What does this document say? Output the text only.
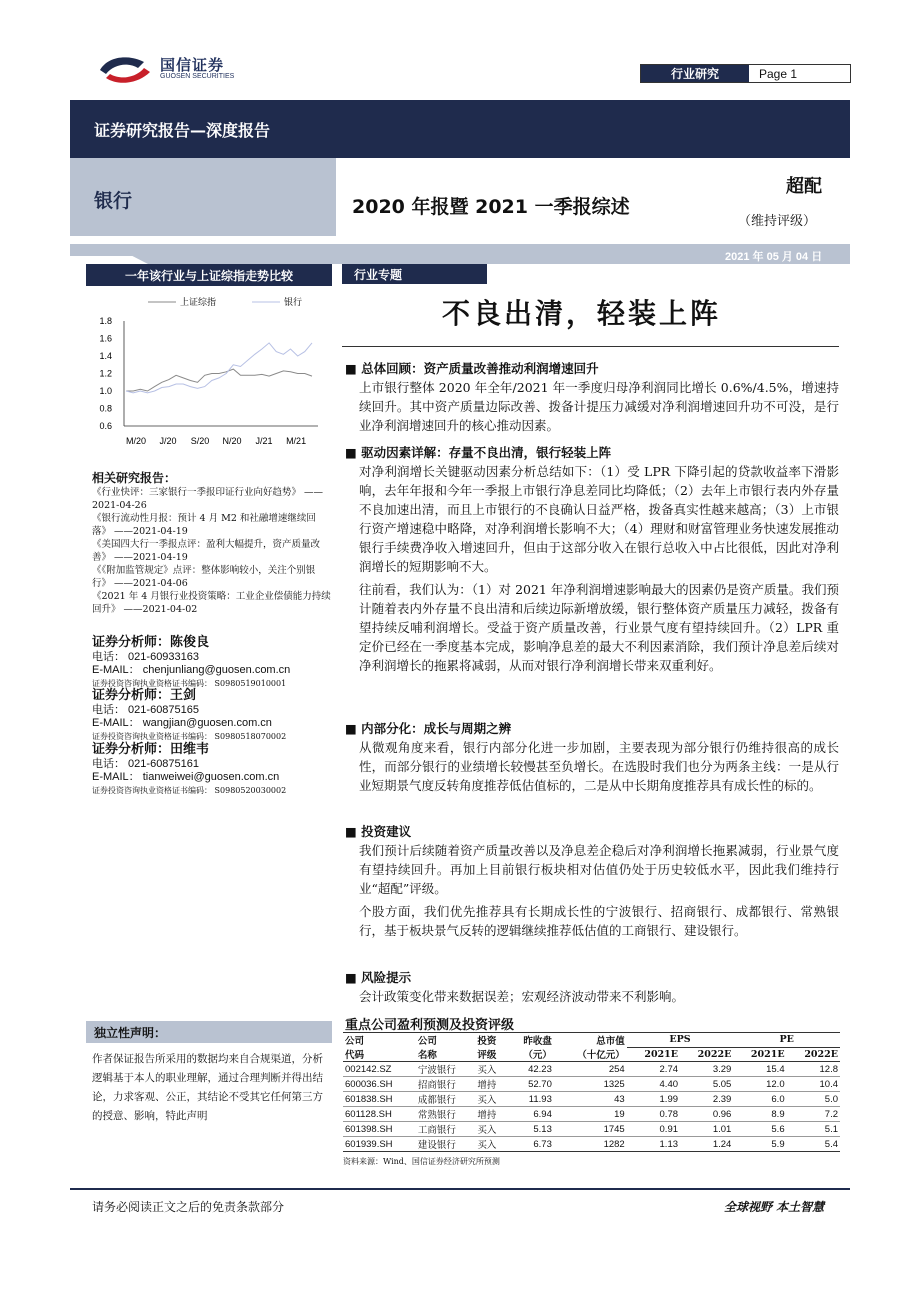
国信证券
GUOSEN SECURITIES	行业研究	Page 1
证券研究报告—深度报告
银行	2020 年报暨 2021 一季报综述
超配
（维持评级）
2021 年 05 月 04 日
一年该行业与上证综指走势比较	行业专题
不良出清，轻装上阵
上证综指	银行
1.8
1.6
1.4
1.2
1.0
0.8
0.6
M/20 J/20 S/20 N/20 J/21 M/21
相关研究报告：
《行业快评：三家银行一季报印证行业向好趋势》 ——2021-04-26
《银行流动性月报：预计 4 月 M2 和社融增速继续回落》 ——2021-04-19
《美国四大行一季报点评：盈利大幅提升，资产质量改善》 ——2021-04-19
《《附加监管规定》点评：整体影响较小，关注个别银行》 ——2021-04-06
《2021 年 4 月银行业投资策略：工业企业偿债能力持续回升》 ——2021-04-02
证券分析师：陈俊良
电话： 021-60933163
E-MAIL： chenjunliang@guosen.com.cn
证券投资咨询执业资格证书编码： S0980519010001
证券分析师：王剑
电话： 021-60875165
E-MAIL： wangjian@guosen.com.cn
证券投资咨询执业资格证书编码： S0980518070002
证券分析师：田维韦
电话： 021-60875161
E-MAIL： tianweiwei@guosen.com.cn
证券投资咨询执业资格证书编码： S0980520030002
■ 总体回顾：资产质量改善推动利润增速回升
上市银行整体 2020 年全年/2021 年一季度归母净利润同比增长 0.6%/4.5%，增速持续回升。其中资产质量边际改善、拨备计提压力减缓对净利润增速回升功不可没，是行业净利润增速回升的核心推动因素。
■ 驱动因素详解：存量不良出清，银行轻装上阵
对净利润增长关键驱动因素分析总结如下：（1）受 LPR 下降引起的贷款收益率下滑影响，去年年报和今年一季报上市银行净息差同比均降低；（2）去年上市银行表内外存量不良加速出清，而且上市银行的不良确认日益严格，拨备真实性越来越高；（3）上市银行资产增速稳中略降，对净利润增长影响不大；（4）理财和财富管理业务快速发展推动银行手续费净收入增速回升，但由于这部分收入在银行总收入中占比很低，因此对净利润增长的短期影响不大。
往前看，我们认为：（1）对 2021 年净利润增速影响最大的因素仍是资产质量。我们预计随着表内外存量不良出清和后续边际新增放缓，银行整体资产质量压力减轻，拨备有望持续反哺利润增长。受益于资产质量改善，行业景气度有望持续回升。（2）LPR 重定价已经在一季度基本完成，影响净息差的最大不利因素消除，我们预计净息差后续对净利润增长的拖累将减弱，从而对银行净利润增长带来双重利好。
■ 内部分化：成长与周期之辨
从微观角度来看，银行内部分化进一步加剧，主要表现为部分银行仍维持很高的成长性，而部分银行的业绩增长较慢甚至负增长。在选股时我们也分为两条主线：一是从行业短期景气度反转角度推荐低估值标的，二是从中长期角度推荐具有成长性的标的。
■ 投资建议
我们预计后续随着资产质量改善以及净息差企稳后对净利润增长拖累减弱，行业景气度有望持续回升。再加上目前银行板块相对估值仍处于历史较低水平，因此我们维持行业“超配”评级。
个股方面，我们优先推荐具有长期成长性的宁波银行、招商银行、成都银行、常熟银行，基于板块景气反转的逻辑继续推荐低估值的工商银行、建设银行。
■ 风险提示
会计政策变化带来数据误差；宏观经济波动带来不利影响。
独立性声明：
作者保证报告所采用的数据均来自合规渠道，分析逻辑基于本人的职业理解，通过合理判断并得出结论，力求客观、公正，其结论不受其它任何第三方的授意、影响，特此声明
重点公司盈利预测及投资评级
公司	公司	投资	昨收盘	总市值	EPS		PE	
代码	名称	评级	（元）	（十亿元）	2021E	2022E	2021E	2022E
002142.SZ	宁波银行	买入	42.23	254	2.74	3.29	15.4	12.8
600036.SH	招商银行	增持	52.70	1325	4.40	5.05	12.0	10.4
601838.SH	成都银行	买入	11.93	43	1.99	2.39	6.0	5.0
601128.SH	常熟银行	增持	6.94	19	0.78	0.96	8.9	7.2
601398.SH	工商银行	买入	5.13	1745	0.91	1.01	5.6	5.1
601939.SH	建设银行	买入	6.73	1282	1.13	1.24	5.9	5.4
资料来源：Wind、国信证券经济研究所预测
请务必阅读正文之后的免责条款部分	全球视野 本土智慧
